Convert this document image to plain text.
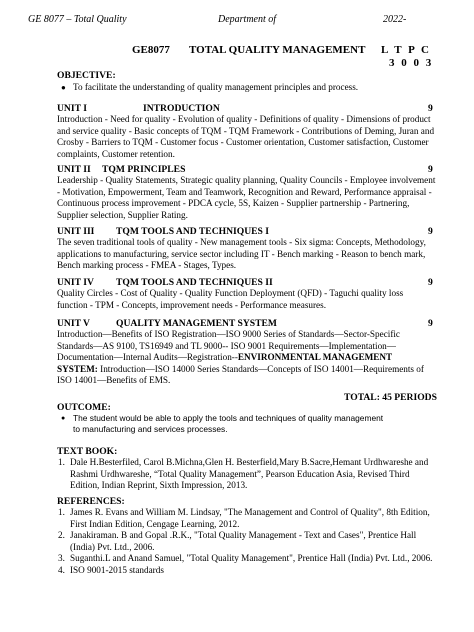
GE 8077 – Total Quality	Department of	2022-
GE8077 TOTAL QUALITY MANAGEMENT L T P C
3 0 0 3
OBJECTIVE:
● To facilitate the understanding of quality management principles and process.
UNIT I	INTRODUCTION	9
Introduction - Need for quality - Evolution of quality - Definitions of quality - Dimensions of product
and service quality - Basic concepts of TQM - TQM Framework - Contributions of Deming, Juran and
Crosby - Barriers to TQM - Customer focus - Customer orientation, Customer satisfaction, Customer
complaints, Customer retention.
UNIT II TQM PRINCIPLES	9
Leadership - Quality Statements, Strategic quality planning, Quality Councils - Employee involvement
- Motivation, Empowerment, Team and Teamwork, Recognition and Reward, Performance appraisal -
Continuous process improvement - PDCA cycle, 5S, Kaizen - Supplier partnership - Partnering,
Supplier selection, Supplier Rating.
UNIT III TQM TOOLS AND TECHNIQUES I	9
The seven traditional tools of quality - New management tools - Six sigma: Concepts, Methodology,
applications to manufacturing, service sector including IT - Bench marking - Reason to bench mark,
Bench marking process - FMEA - Stages, Types.
UNIT IV TQM TOOLS AND TECHNIQUES II	9
Quality Circles - Cost of Quality - Quality Function Deployment (QFD) - Taguchi quality loss
function - TPM - Concepts, improvement needs - Performance measures.
UNIT V	QUALITY MANAGEMENT SYSTEM	9
Introduction—Benefits of ISO Registration—ISO 9000 Series of Standards—Sector-Specific
Standards—AS 9100, TS16949 and TL 9000-- ISO 9001 Requirements—Implementation—
Documentation—Internal Audits—Registration--ENVIRONMENTAL MANAGEMENT
SYSTEM: Introduction—ISO 14000 Series Standards—Concepts of ISO 14001—Requirements of
ISO 14001—Benefits of EMS.
TOTAL: 45 PERIODS
OUTCOME:
● The student would be able to apply the tools and techniques of quality management
to manufacturing and services processes.
TEXT BOOK:
1. Dale H.Besterfiled, Carol B.Michna,Glen H. Besterfield,Mary B.Sacre,Hemant Urdhwareshe and
Rashmi Urdhwareshe, “Total Quality Management”, Pearson Education Asia, Revised Third
Edition, Indian Reprint, Sixth Impression, 2013.
REFERENCES:
1. James R. Evans and William M. Lindsay, "The Management and Control of Quality", 8th Edition,
First Indian Edition, Cengage Learning, 2012.
2. Janakiraman. B and Gopal .R.K., "Total Quality Management - Text and Cases", Prentice Hall
(India) Pvt. Ltd., 2006.
3. Suganthi.L and Anand Samuel, "Total Quality Management", Prentice Hall (India) Pvt. Ltd., 2006.
4. ISO 9001-2015 standards
